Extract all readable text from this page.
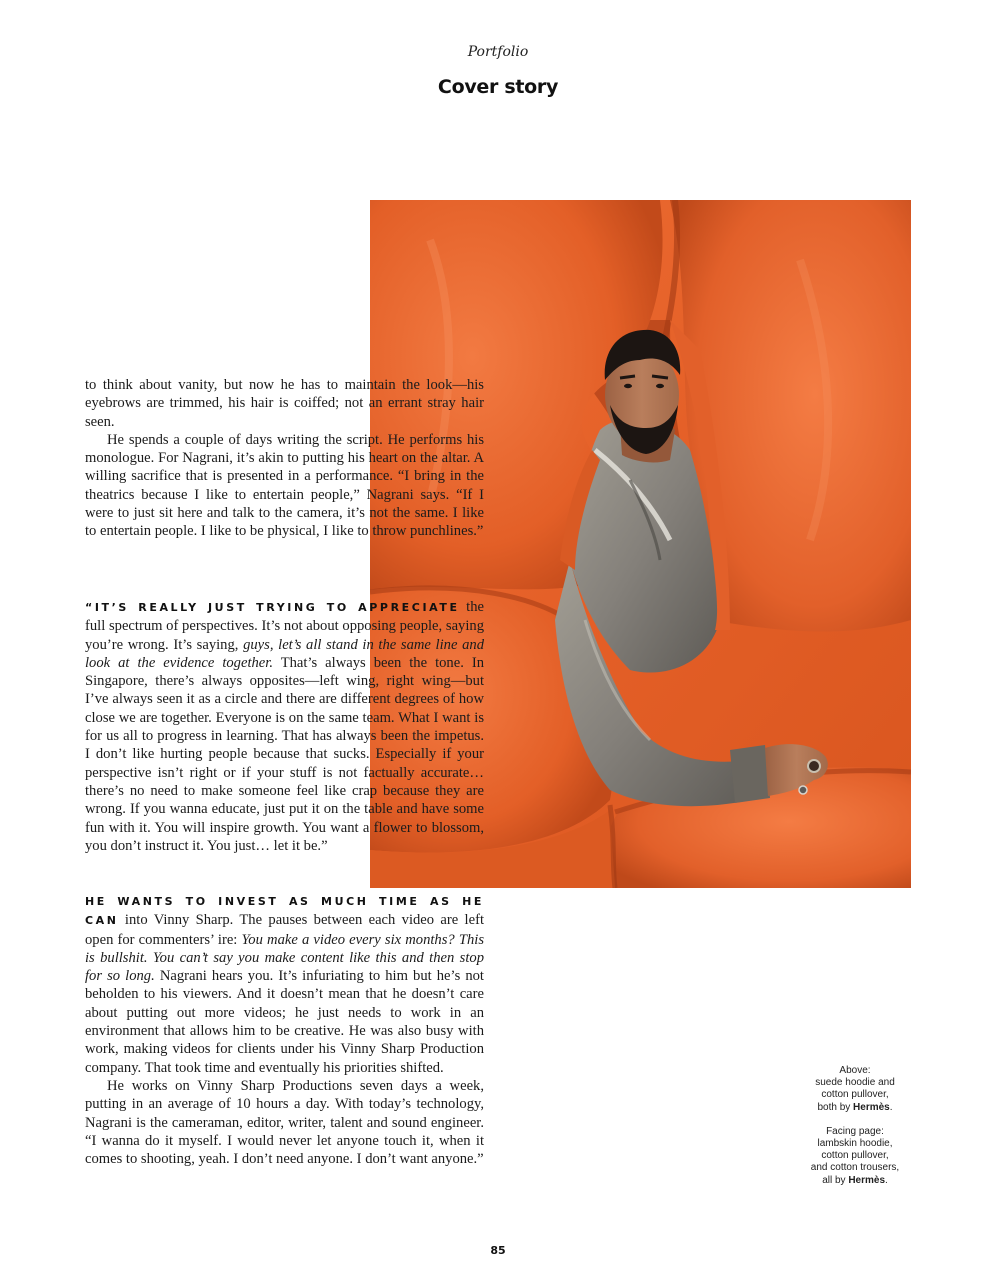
Portfolio
Cover story

to think about vanity, but now he has to maintain the look—his eyebrows are trimmed, his hair is coiffed; not an errant stray hair seen.

He spends a couple of days writing the script. He performs his monologue. For Nagrani, it’s akin to putting his heart on the altar. A willing sacrifice that is presented in a performance. “I bring in the theatrics because I like to entertain people,” Nagrani says. “If I were to just sit here and talk to the camera, it’s not the same. I like to entertain people. I like to be physical, I like to throw punchlines.”

“IT’S REALLY JUST TRYING TO APPRECIATE the full spectrum of perspectives. It’s not about opposing people, saying you’re wrong. It’s saying, guys, let’s all stand in the same line and look at the evidence together. That’s always been the tone. In Singapore, there’s always opposites—left wing, right wing—but I’ve always seen it as a circle and there are different degrees of how close we are together. Everyone is on the same team. What I want is for us all to progress in learning. That has always been the impetus. I don’t like hurting people because that sucks. Especially if your perspective isn’t right or if your stuff is not factually accurate… there’s no need to make someone feel like crap because they are wrong. If you wanna educate, just put it on the table and have some fun with it. You will inspire growth. You want a flower to blossom, you don’t instruct it. You just… let it be.”

HE WANTS TO INVEST AS MUCH TIME AS HE CAN into Vinny Sharp. The pauses between each video are left open for commenters’ ire: You make a video every six months? This is bullshit. You can’t say you make content like this and then stop for so long. Nagrani hears you. It’s infuriating to him but he’s not beholden to his viewers. And it doesn’t mean that he doesn’t care about putting out more videos; he just needs to work in an environment that allows him to be creative. He was also busy with work, making videos for clients under his Vinny Sharp Production company. That took time and eventually his priorities shifted.

He works on Vinny Sharp Productions seven days a week, putting in an average of 10 hours a day. With today’s technology, Nagrani is the cameraman, editor, writer, talent and sound engineer. “I wanna do it myself. I would never let anyone touch it, when it comes to shooting, yeah. I don’t need anyone. I don’t want anyone.”

Above:
suede hoodie and
cotton pullover,
both by Hermès.

Facing page:
lambskin hoodie,
cotton pullover,
and cotton trousers,
all by Hermès.

85
